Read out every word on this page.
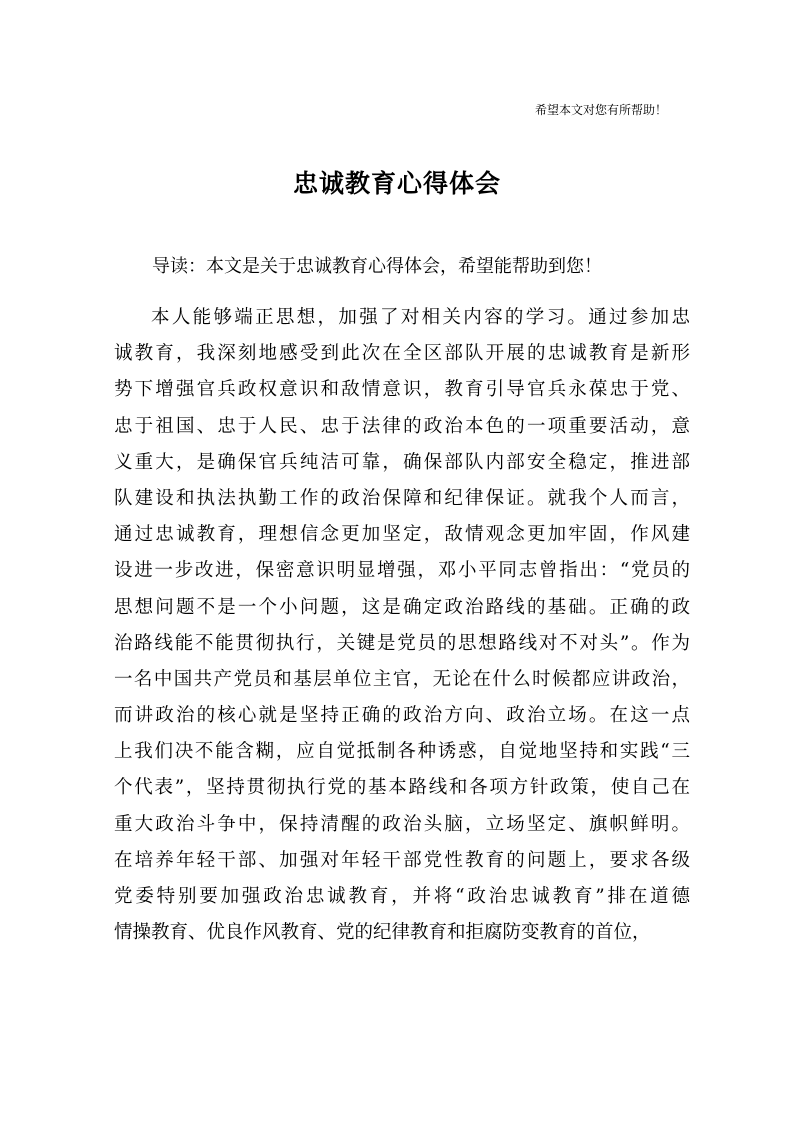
希望本文对您有所帮助！
忠诚教育心得体会
导读：本文是关于忠诚教育心得体会，希望能帮助到您！
本人能够端正思想，加强了对相关内容的学习。通过参加忠
诚教育，我深刻地感受到此次在全区部队开展的忠诚教育是新形
势下增强官兵政权意识和敌情意识，教育引导官兵永葆忠于党、
忠于祖国、忠于人民、忠于法律的政治本色的一项重要活动，意
义重大，是确保官兵纯洁可靠，确保部队内部安全稳定，推进部
队建设和执法执勤工作的政治保障和纪律保证。就我个人而言，
通过忠诚教育，理想信念更加坚定，敌情观念更加牢固，作风建
设进一步改进，保密意识明显增强，邓小平同志曾指出：“党员的
思想问题不是一个小问题，这是确定政治路线的基础。正确的政
治路线能不能贯彻执行，关键是党员的思想路线对不对头”。作为
一名中国共产党员和基层单位主官，无论在什么时候都应讲政治，
而讲政治的核心就是坚持正确的政治方向、政治立场。在这一点
上我们决不能含糊，应自觉抵制各种诱惑，自觉地坚持和实践“三
个代表”，坚持贯彻执行党的基本路线和各项方针政策，使自己在
重大政治斗争中，保持清醒的政治头脑，立场坚定、旗帜鲜明。
在培养年轻干部、加强对年轻干部党性教育的问题上，要求各级
党委特别要加强政治忠诚教育，并将“政治忠诚教育”排在道德
情操教育、优良作风教育、党的纪律教育和拒腐防变教育的首位，
